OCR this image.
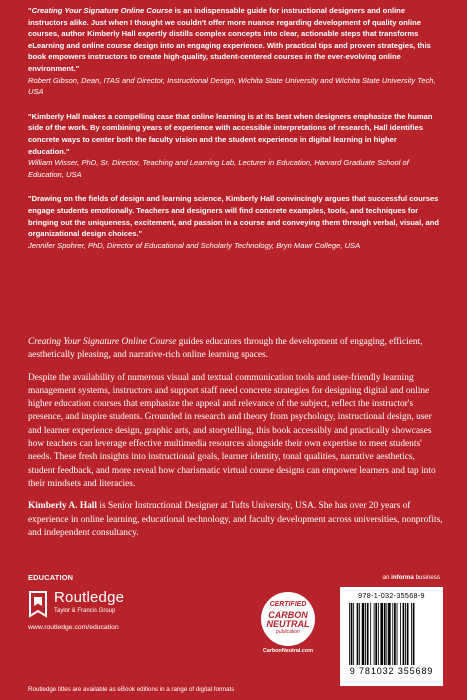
"Creating Your Signature Online Course is an indispensable guide for instructional designers and online instructors alike. Just when I thought we couldn't offer more nuance regarding development of quality online courses, author Kimberly Hall expertly distills complex concepts into clear, actionable steps that transforms eLearning and online course design into an engaging experience. With practical tips and proven strategies, this book empowers instructors to create high-quality, student-centered courses in the ever-evolving online environment."

Robert Gibson, Dean, ITAS and Director, Instructional Design, Wichita State University and Wichita State University Tech, USA

"Kimberly Hall makes a compelling case that online learning is at its best when designers emphasize the human side of the work. By combining years of experience with accessible interpretations of research, Hall identifies concrete ways to center both the faculty vision and the student experience in digital learning in higher education."

William Wisser, PhD, Sr. Director, Teaching and Learning Lab, Lecturer in Education, Harvard Graduate School of Education, USA

"Drawing on the fields of design and learning science, Kimberly Hall convincingly argues that successful courses engage students emotionally. Teachers and designers will find concrete examples, tools, and techniques for bringing out the uniqueness, excitement, and passion in a course and conveying them through verbal, visual, and organizational design choices."

Jennifer Spohrer, PhD, Director of Educational and Scholarly Technology, Bryn Mawr College, USA

Creating Your Signature Online Course guides educators through the development of engaging, efficient, aesthetically pleasing, and narrative-rich online learning spaces.

Despite the availability of numerous visual and textual communication tools and user-friendly learning management systems, instructors and support staff need concrete strategies for designing digital and online higher education courses that emphasize the appeal and relevance of the subject, reflect the instructor's presence, and inspire students. Grounded in research and theory from psychology, instructional design, user and learner experience design, graphic arts, and storytelling, this book accessibly and practically showcases how teachers can leverage effective multimedia resources alongside their own expertise to meet students' needs. These fresh insights into instructional goals, learner identity, tonal qualities, narrative aesthetics, student feedback, and more reveal how charismatic virtual course designs can empower learners and tap into their mindsets and literacies.

Kimberly A. Hall is Senior Instructional Designer at Tufts University, USA. She has over 20 years of experience in online learning, educational technology, and faculty development across universities, nonprofits, and independent consultancy.

EDUCATION	an informa business
Routledge
Taylor & Francis Group
www.routledge.com/education
CERTIFIED
CARBON
NEUTRAL
publication
CarbonNeutral.com
978-1-032-35568-9
9 781032 355689
Routledge titles are available as eBook editions in a range of digital formats
